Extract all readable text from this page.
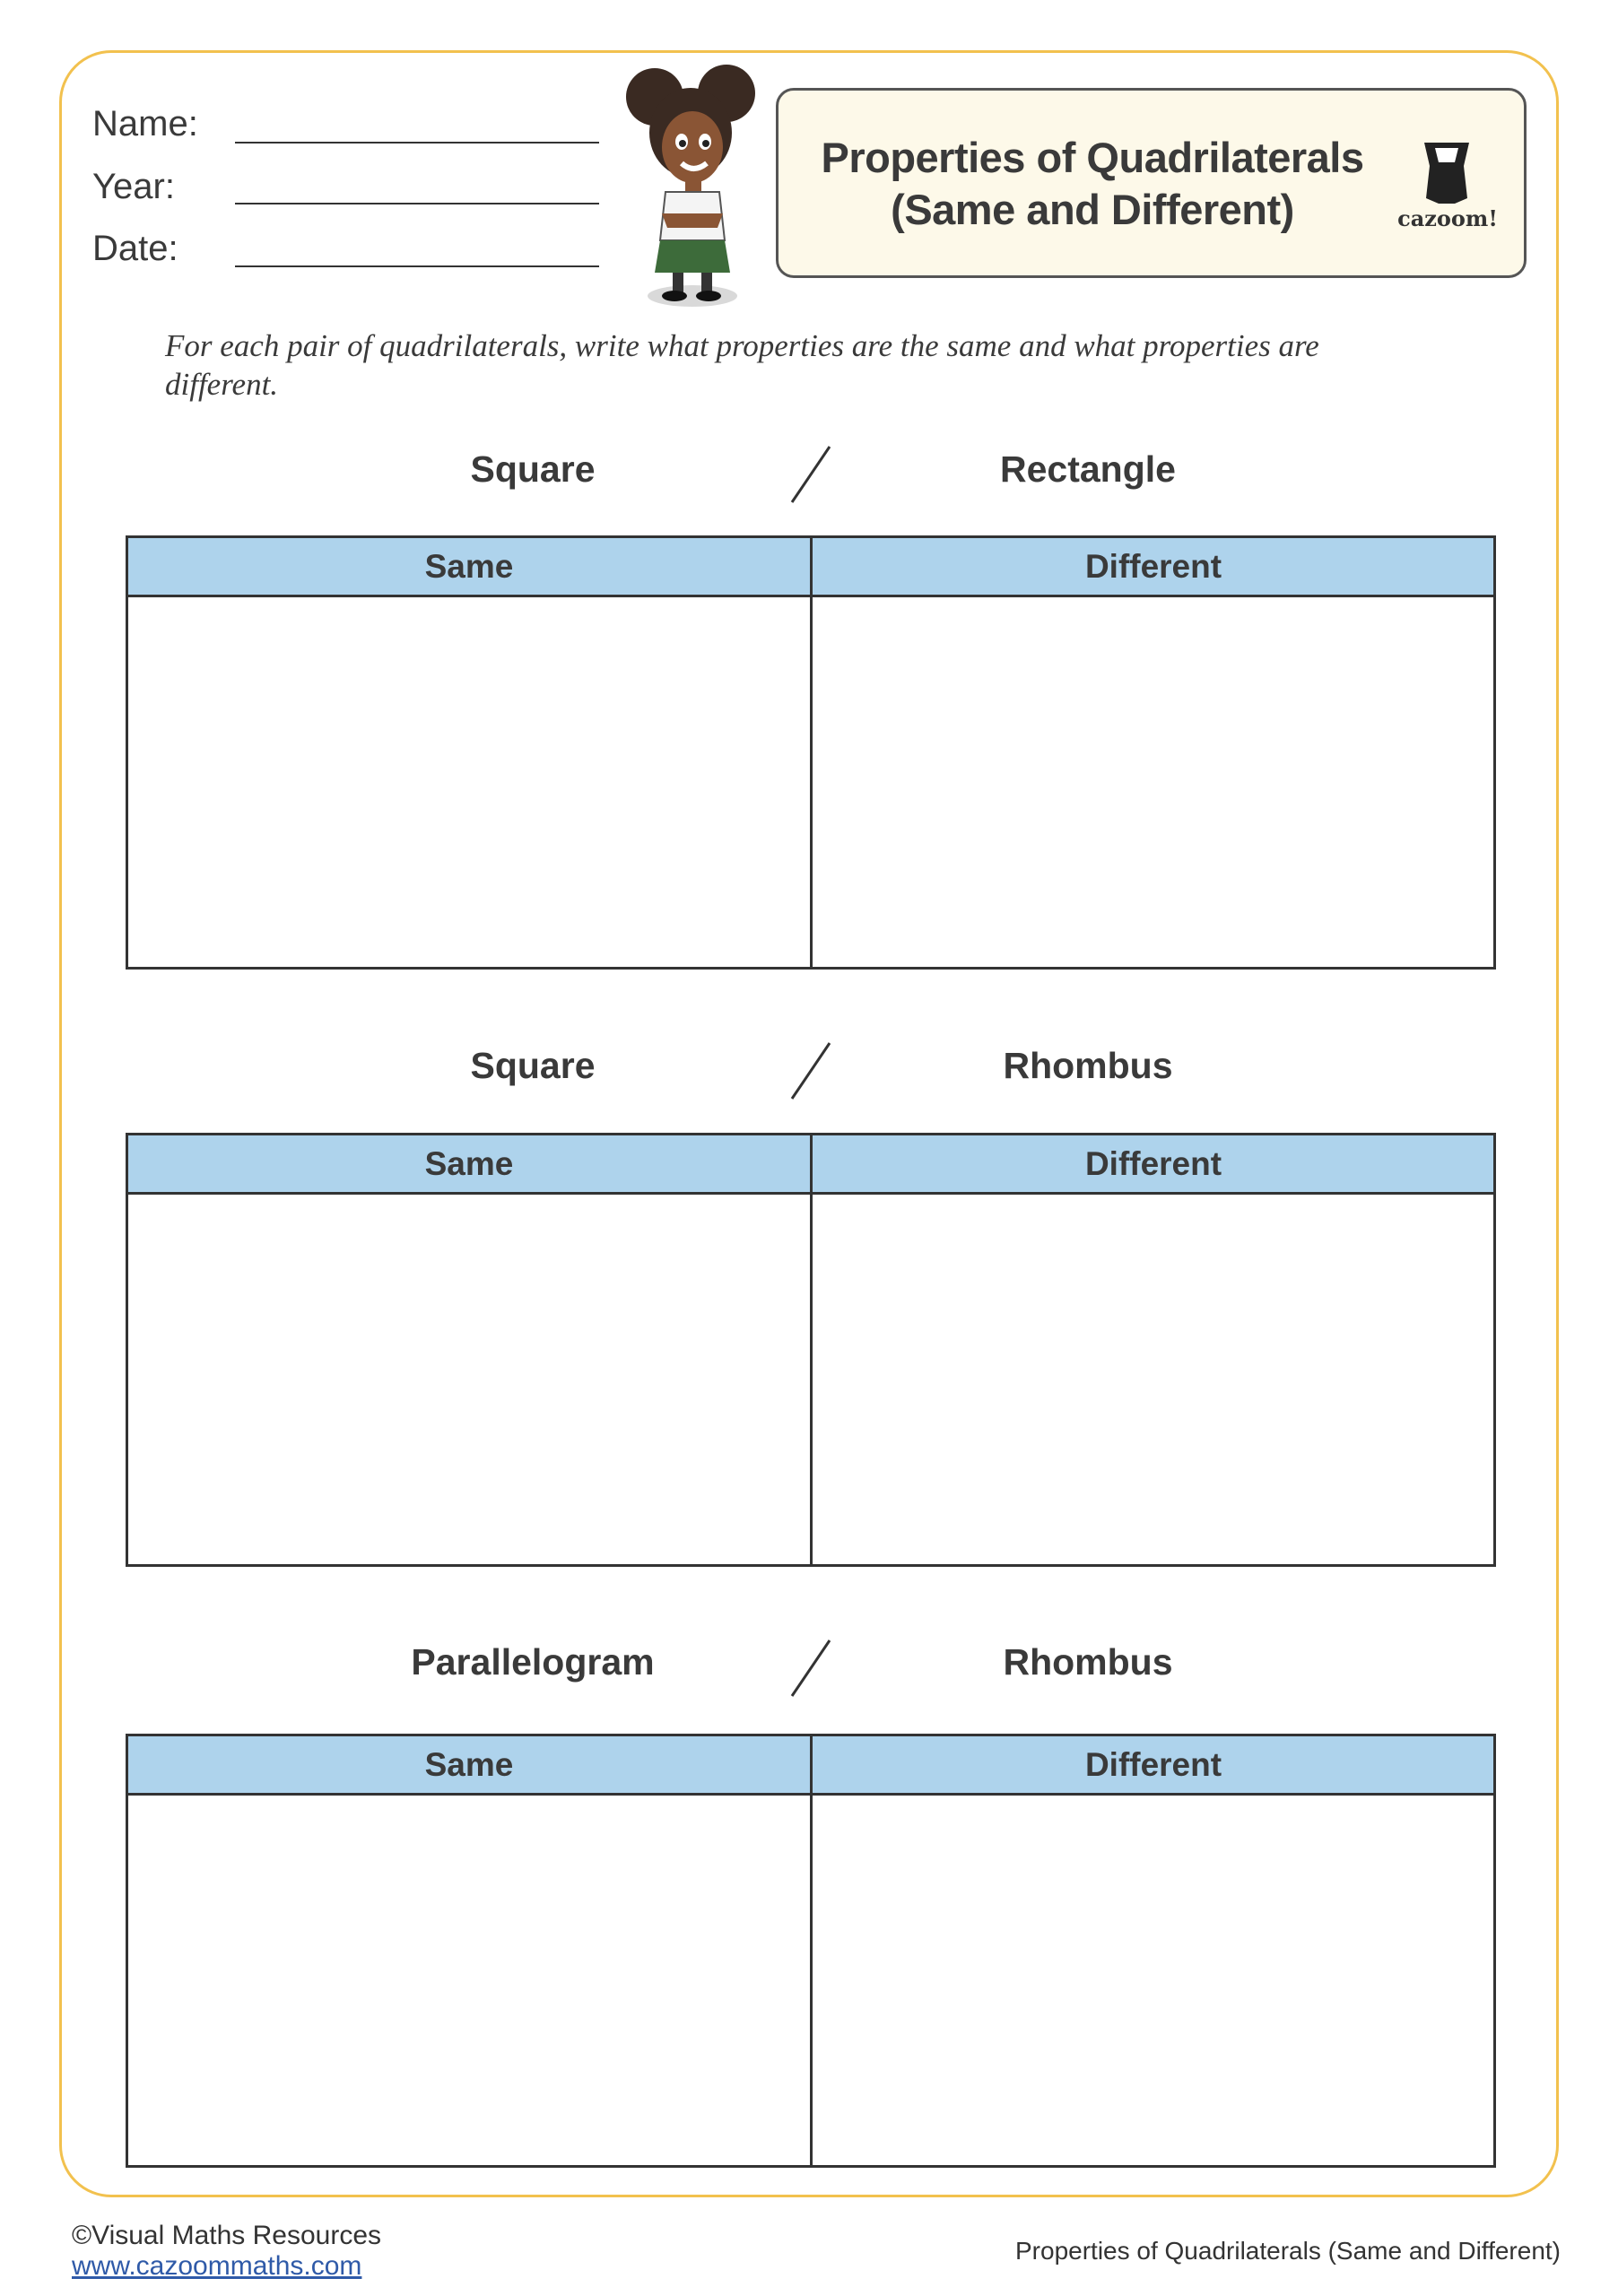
Name:
Year:
Date:
Properties of Quadrilaterals
(Same and Different)	cazoom!
For each pair of quadrilaterals, write what properties are the same and what properties are different.
Square	Rectangle
Same	Different
Square	Rhombus
Same	Different
Parallelogram	Rhombus
Same	Different
©Visual Maths Resources
www.cazoommaths.com
Properties of Quadrilaterals (Same and Different)
